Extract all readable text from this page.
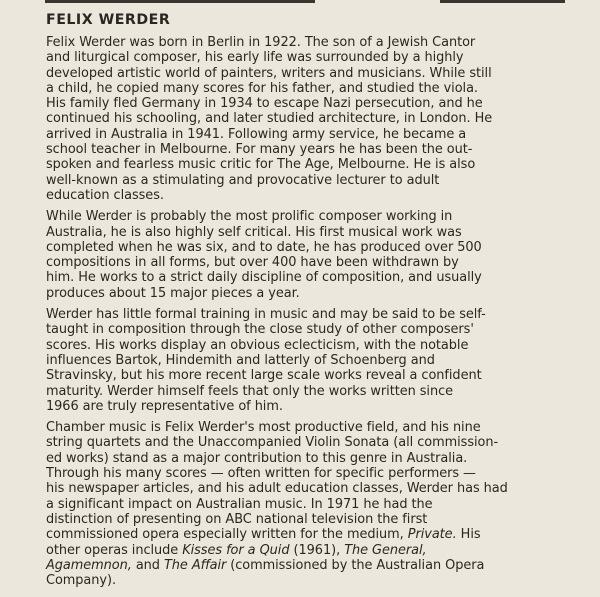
FELIX WERDER

Felix Werder was born in Berlin in 1922. The son of a Jewish Cantor
and liturgical composer, his early life was surrounded by a highly
developed artistic world of painters, writers and musicians. While still
a child, he copied many scores for his father, and studied the viola.
His family fled Germany in 1934 to escape Nazi persecution, and he
continued his schooling, and later studied architecture, in London. He
arrived in Australia in 1941. Following army service, he became a
school teacher in Melbourne. For many years he has been the out-
spoken and fearless music critic for The Age, Melbourne. He is also
well-known as a stimulating and provocative lecturer to adult
education classes.

While Werder is probably the most prolific composer working in
Australia, he is also highly self critical. His first musical work was
completed when he was six, and to date, he has produced over 500
compositions in all forms, but over 400 have been withdrawn by
him. He works to a strict daily discipline of composition, and usually
produces about 15 major pieces a year.

Werder has little formal training in music and may be said to be self-
taught in composition through the close study of other composers'
scores. His works display an obvious eclecticism, with the notable
influences Bartok, Hindemith and latterly of Schoenberg and
Stravinsky, but his more recent large scale works reveal a confident
maturity. Werder himself feels that only the works written since
1966 are truly representative of him.

Chamber music is Felix Werder's most productive field, and his nine
string quartets and the Unaccompanied Violin Sonata (all commission-
ed works) stand as a major contribution to this genre in Australia.
Through his many scores — often written for specific performers —
his newspaper articles, and his adult education classes, Werder has had
a significant impact on Australian music. In 1971 he had the
distinction of presenting on ABC national television the first
commissioned opera especially written for the medium, Private. His
other operas include Kisses for a Quid (1961), The General,
Agamemnon, and The Affair (commissioned by the Australian Opera
Company).
